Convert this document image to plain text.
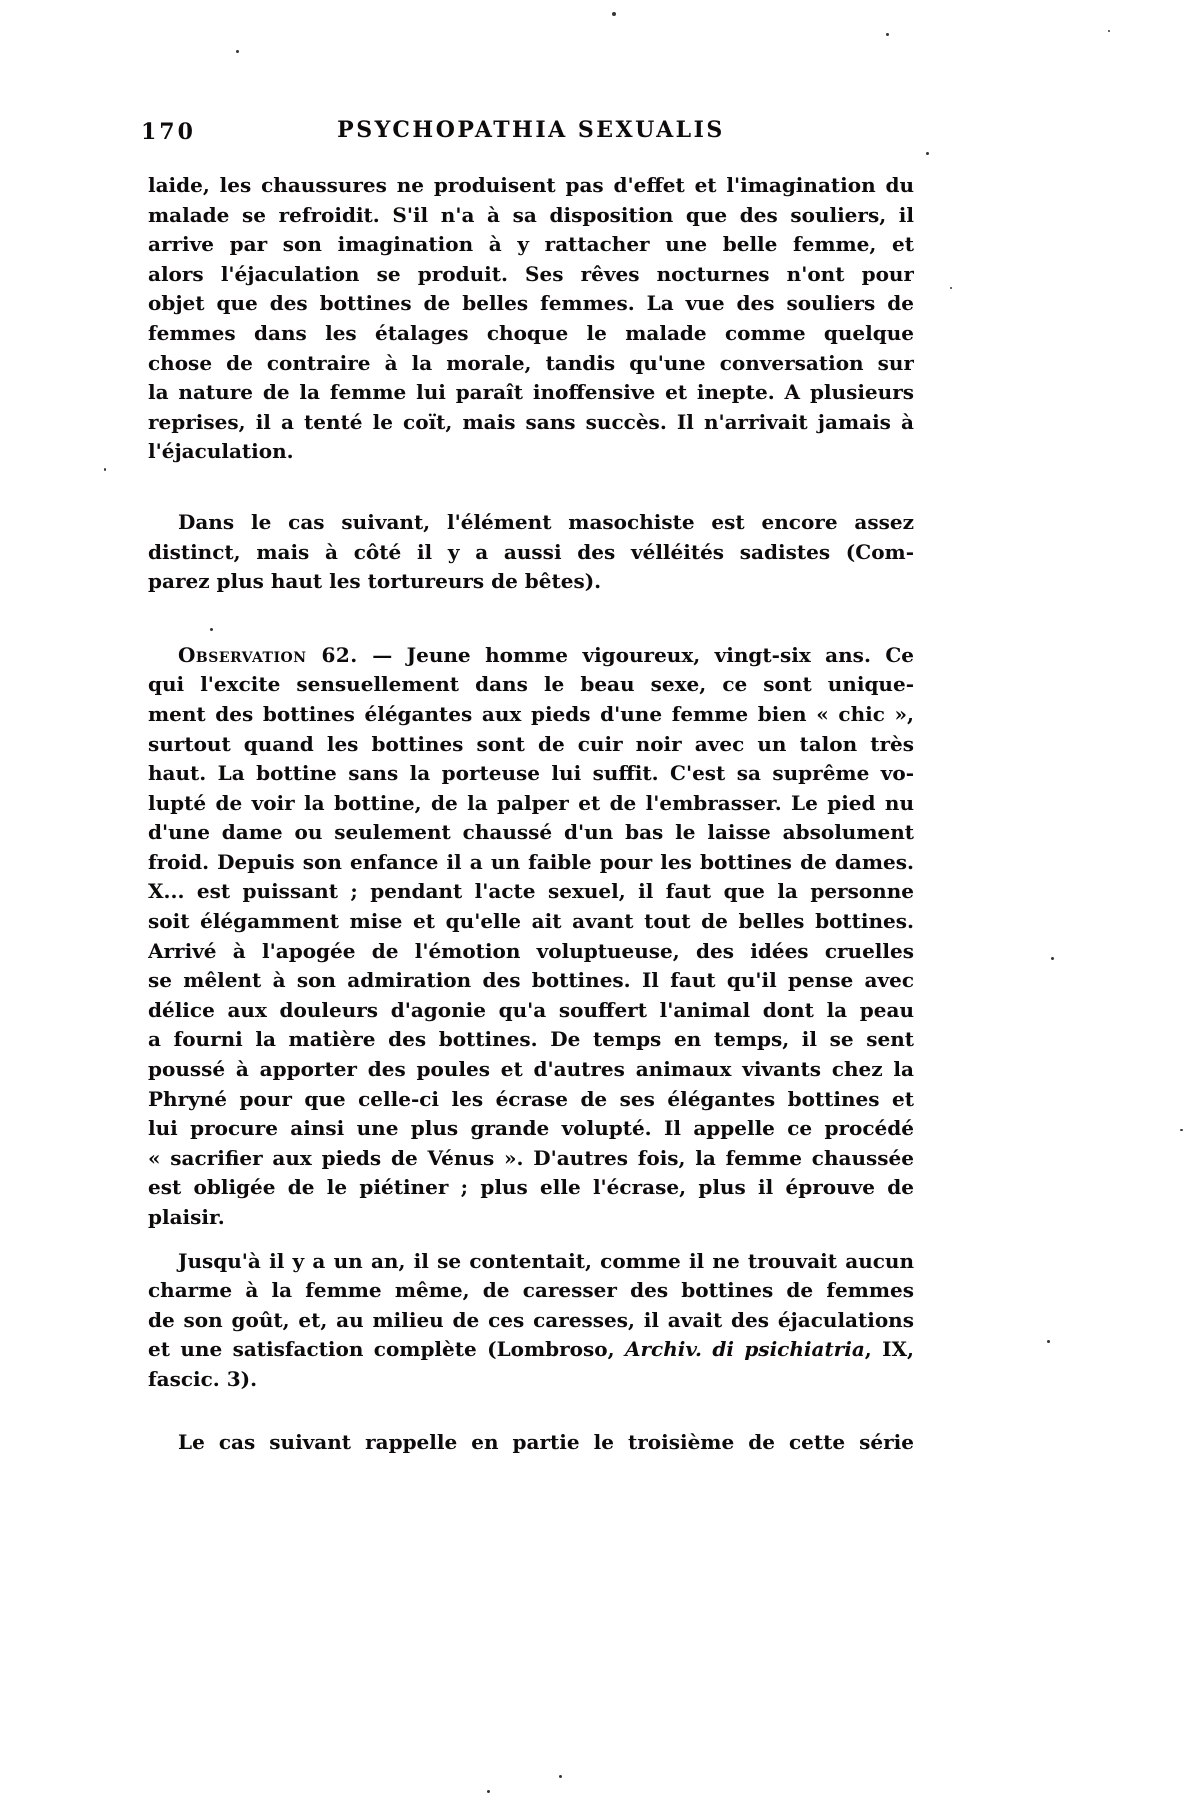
170	PSYCHOPATHIA SEXUALIS
laide, les chaussures ne produisent pas d'effet et l'imagination du
malade se refroidit. S'il n'a à sa disposition que des souliers, il
arrive par son imagination à y rattacher une belle femme, et
alors l'éjaculation se produit. Ses rêves nocturnes n'ont pour
objet que des bottines de belles femmes. La vue des souliers de
femmes dans les étalages choque le malade comme quelque
chose de contraire à la morale, tandis qu'une conversation sur
la nature de la femme lui paraît inoffensive et inepte. A plusieurs
reprises, il a tenté le coït, mais sans succès. Il n'arrivait jamais à
l'éjaculation.
Dans le cas suivant, l'élément masochiste est encore assez
distinct, mais à côté il y a aussi des vélléités sadistes (Com-
parez plus haut les tortureurs de bêtes).
Observation 62. — Jeune homme vigoureux, vingt-six ans. Ce
qui l'excite sensuellement dans le beau sexe, ce sont unique-
ment des bottines élégantes aux pieds d'une femme bien « chic »,
surtout quand les bottines sont de cuir noir avec un talon très
haut. La bottine sans la porteuse lui suffit. C'est sa suprême vo-
lupté de voir la bottine, de la palper et de l'embrasser. Le pied nu
d'une dame ou seulement chaussé d'un bas le laisse absolument
froid. Depuis son enfance il a un faible pour les bottines de dames.
X... est puissant ; pendant l'acte sexuel, il faut que la personne
soit élégamment mise et qu'elle ait avant tout de belles bottines.
Arrivé à l'apogée de l'émotion voluptueuse, des idées cruelles
se mêlent à son admiration des bottines. Il faut qu'il pense avec
délice aux douleurs d'agonie qu'a souffert l'animal dont la peau
a fourni la matière des bottines. De temps en temps, il se sent
poussé à apporter des poules et d'autres animaux vivants chez la
Phryné pour que celle-ci les écrase de ses élégantes bottines et
lui procure ainsi une plus grande volupté. Il appelle ce procédé
« sacrifier aux pieds de Vénus ». D'autres fois, la femme chaussée
est obligée de le piétiner ; plus elle l'écrase, plus il éprouve de
plaisir.
Jusqu'à il y a un an, il se contentait, comme il ne trouvait aucun
charme à la femme même, de caresser des bottines de femmes
de son goût, et, au milieu de ces caresses, il avait des éjaculations
et une satisfaction complète (Lombroso, Archiv. di psichiatria, IX,
fascic. 3).
Le cas suivant rappelle en partie le troisième de cette série
